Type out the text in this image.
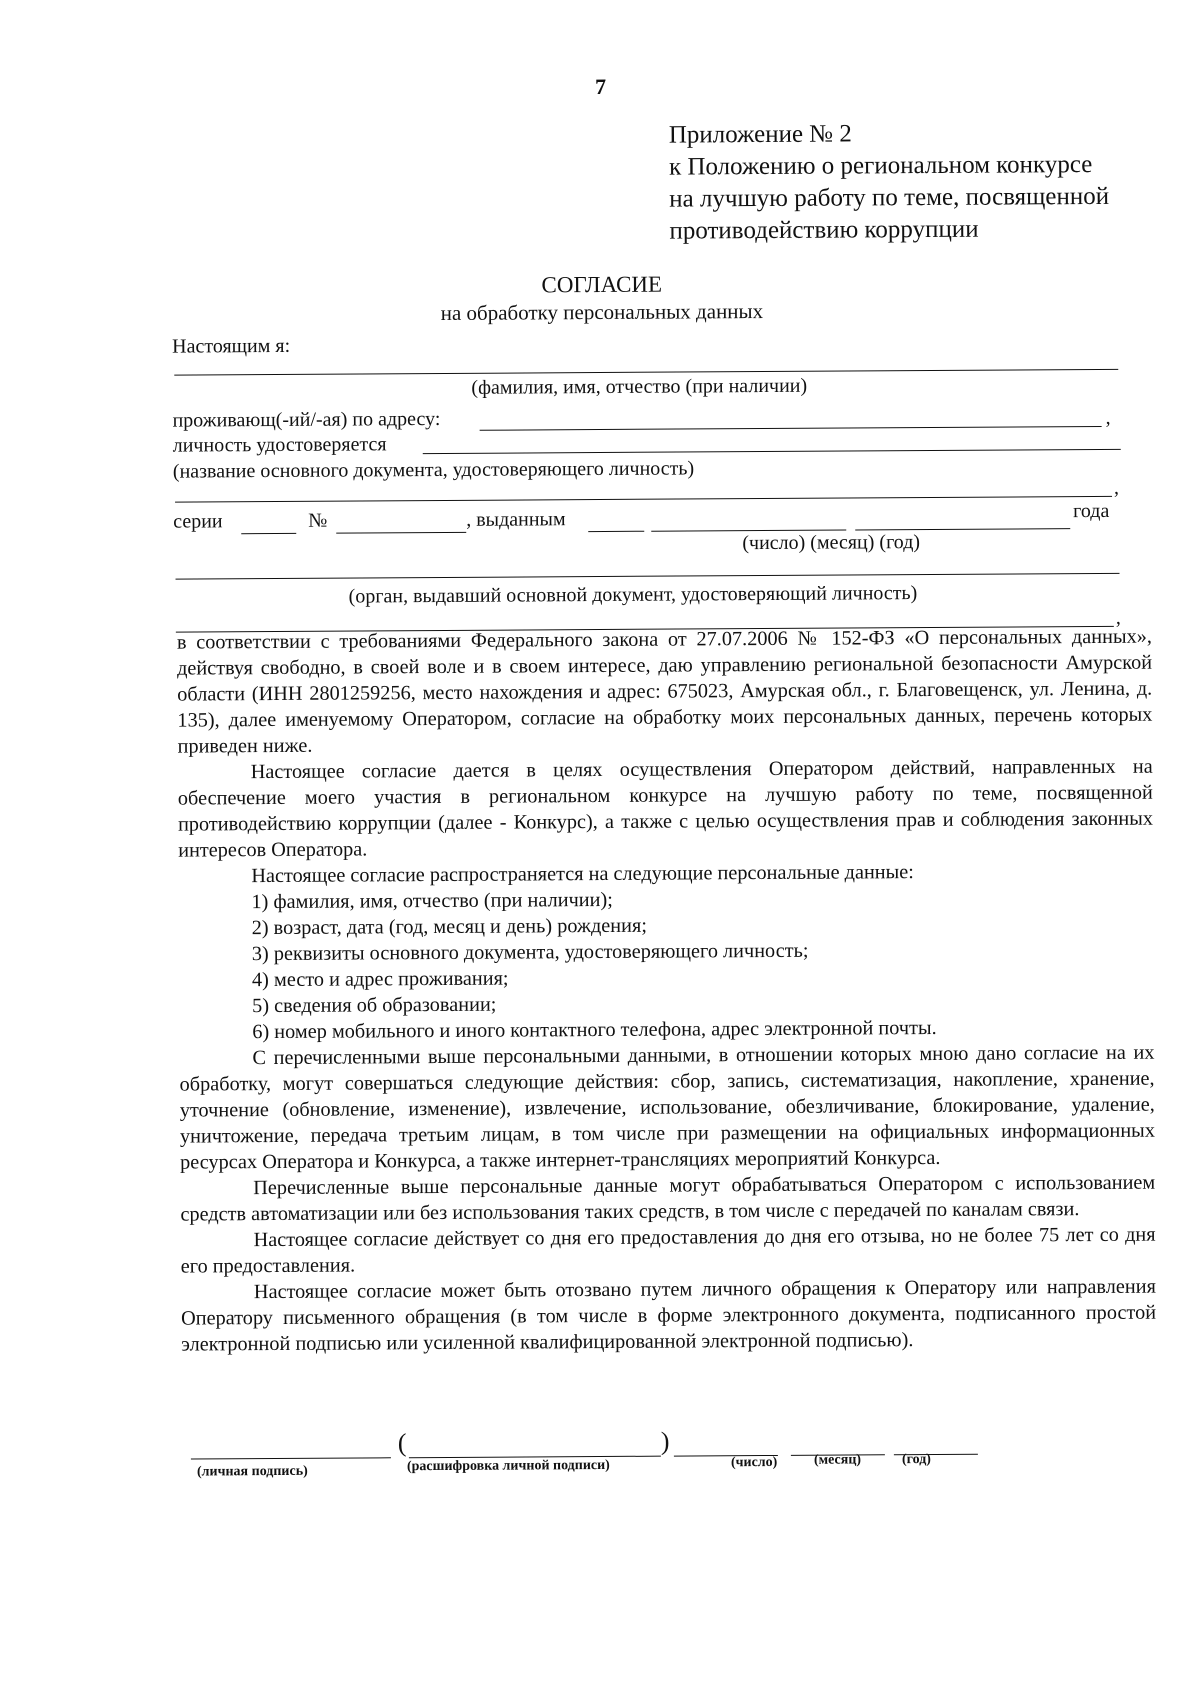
7
Приложение № 2
к Положению о региональном конкурсе
на лучшую работу по теме, посвященной
противодействию коррупции
СОГЛАСИЕ
на обработку персональных данных
Настоящим я:
(фамилия, имя, отчество (при наличии)
проживающ(-ий/-ая) по адресу:	,
личность удостоверяется
(название основного документа, удостоверяющего личность)
,
серии	№	, выданным	года
(число) (месяц) (год)
(орган, выдавший основной документ, удостоверяющий личность)
,

в соответствии с требованиями Федерального закона от 27.07.2006 № 152-ФЗ «О персональных данных», действуя свободно, в своей воле и в своем интересе, даю управлению региональной безопасности Амурской области (ИНН 2801259256, место нахождения и адрес: 675023, Амурская обл., г. Благовещенск, ул. Ленина, д. 135), далее именуемому Оператором, согласие на обработку моих персональных данных, перечень которых приведен ниже.

Настоящее согласие дается в целях осуществления Оператором действий, направленных на обеспечение моего участия в региональном конкурсе на лучшую работу по теме, посвященной противодействию коррупции (далее - Конкурс), а также с целью осуществления прав и соблюдения законных интересов Оператора.

Настоящее согласие распространяется на следующие персональные данные:

1) фамилия, имя, отчество (при наличии);

2) возраст, дата (год, месяц и день) рождения;

3) реквизиты основного документа, удостоверяющего личность;

4) место и адрес проживания;

5) сведения об образовании;

6) номер мобильного и иного контактного телефона, адрес электронной почты.

С перечисленными выше персональными данными, в отношении которых мною дано согласие на их обработку, могут совершаться следующие действия: сбор, запись, систематизация, накопление, хранение, уточнение (обновление, изменение), извлечение, использование, обезличивание, блокирование, удаление, уничтожение, передача третьим лицам, в том числе при размещении на официальных информационных ресурсах Оператора и Конкурса, а также интернет-трансляциях мероприятий Конкурса.

Перечисленные выше персональные данные могут обрабатываться Оператором с использованием средств автоматизации или без использования таких средств, в том числе с передачей по каналам связи.

Настоящее согласие действует со дня его предоставления до дня его отзыва, но не более 75 лет со дня его предоставления.

Настоящее согласие может быть отозвано путем личного обращения к Оператору или направления Оператору письменного обращения (в том числе в форме электронного документа, подписанного простой электронной подписью или усиленной квалифицированной электронной подписью).

(	)
(личная подпись)	(расшифровка личной подписи)	(число)	(месяц)	(год)
